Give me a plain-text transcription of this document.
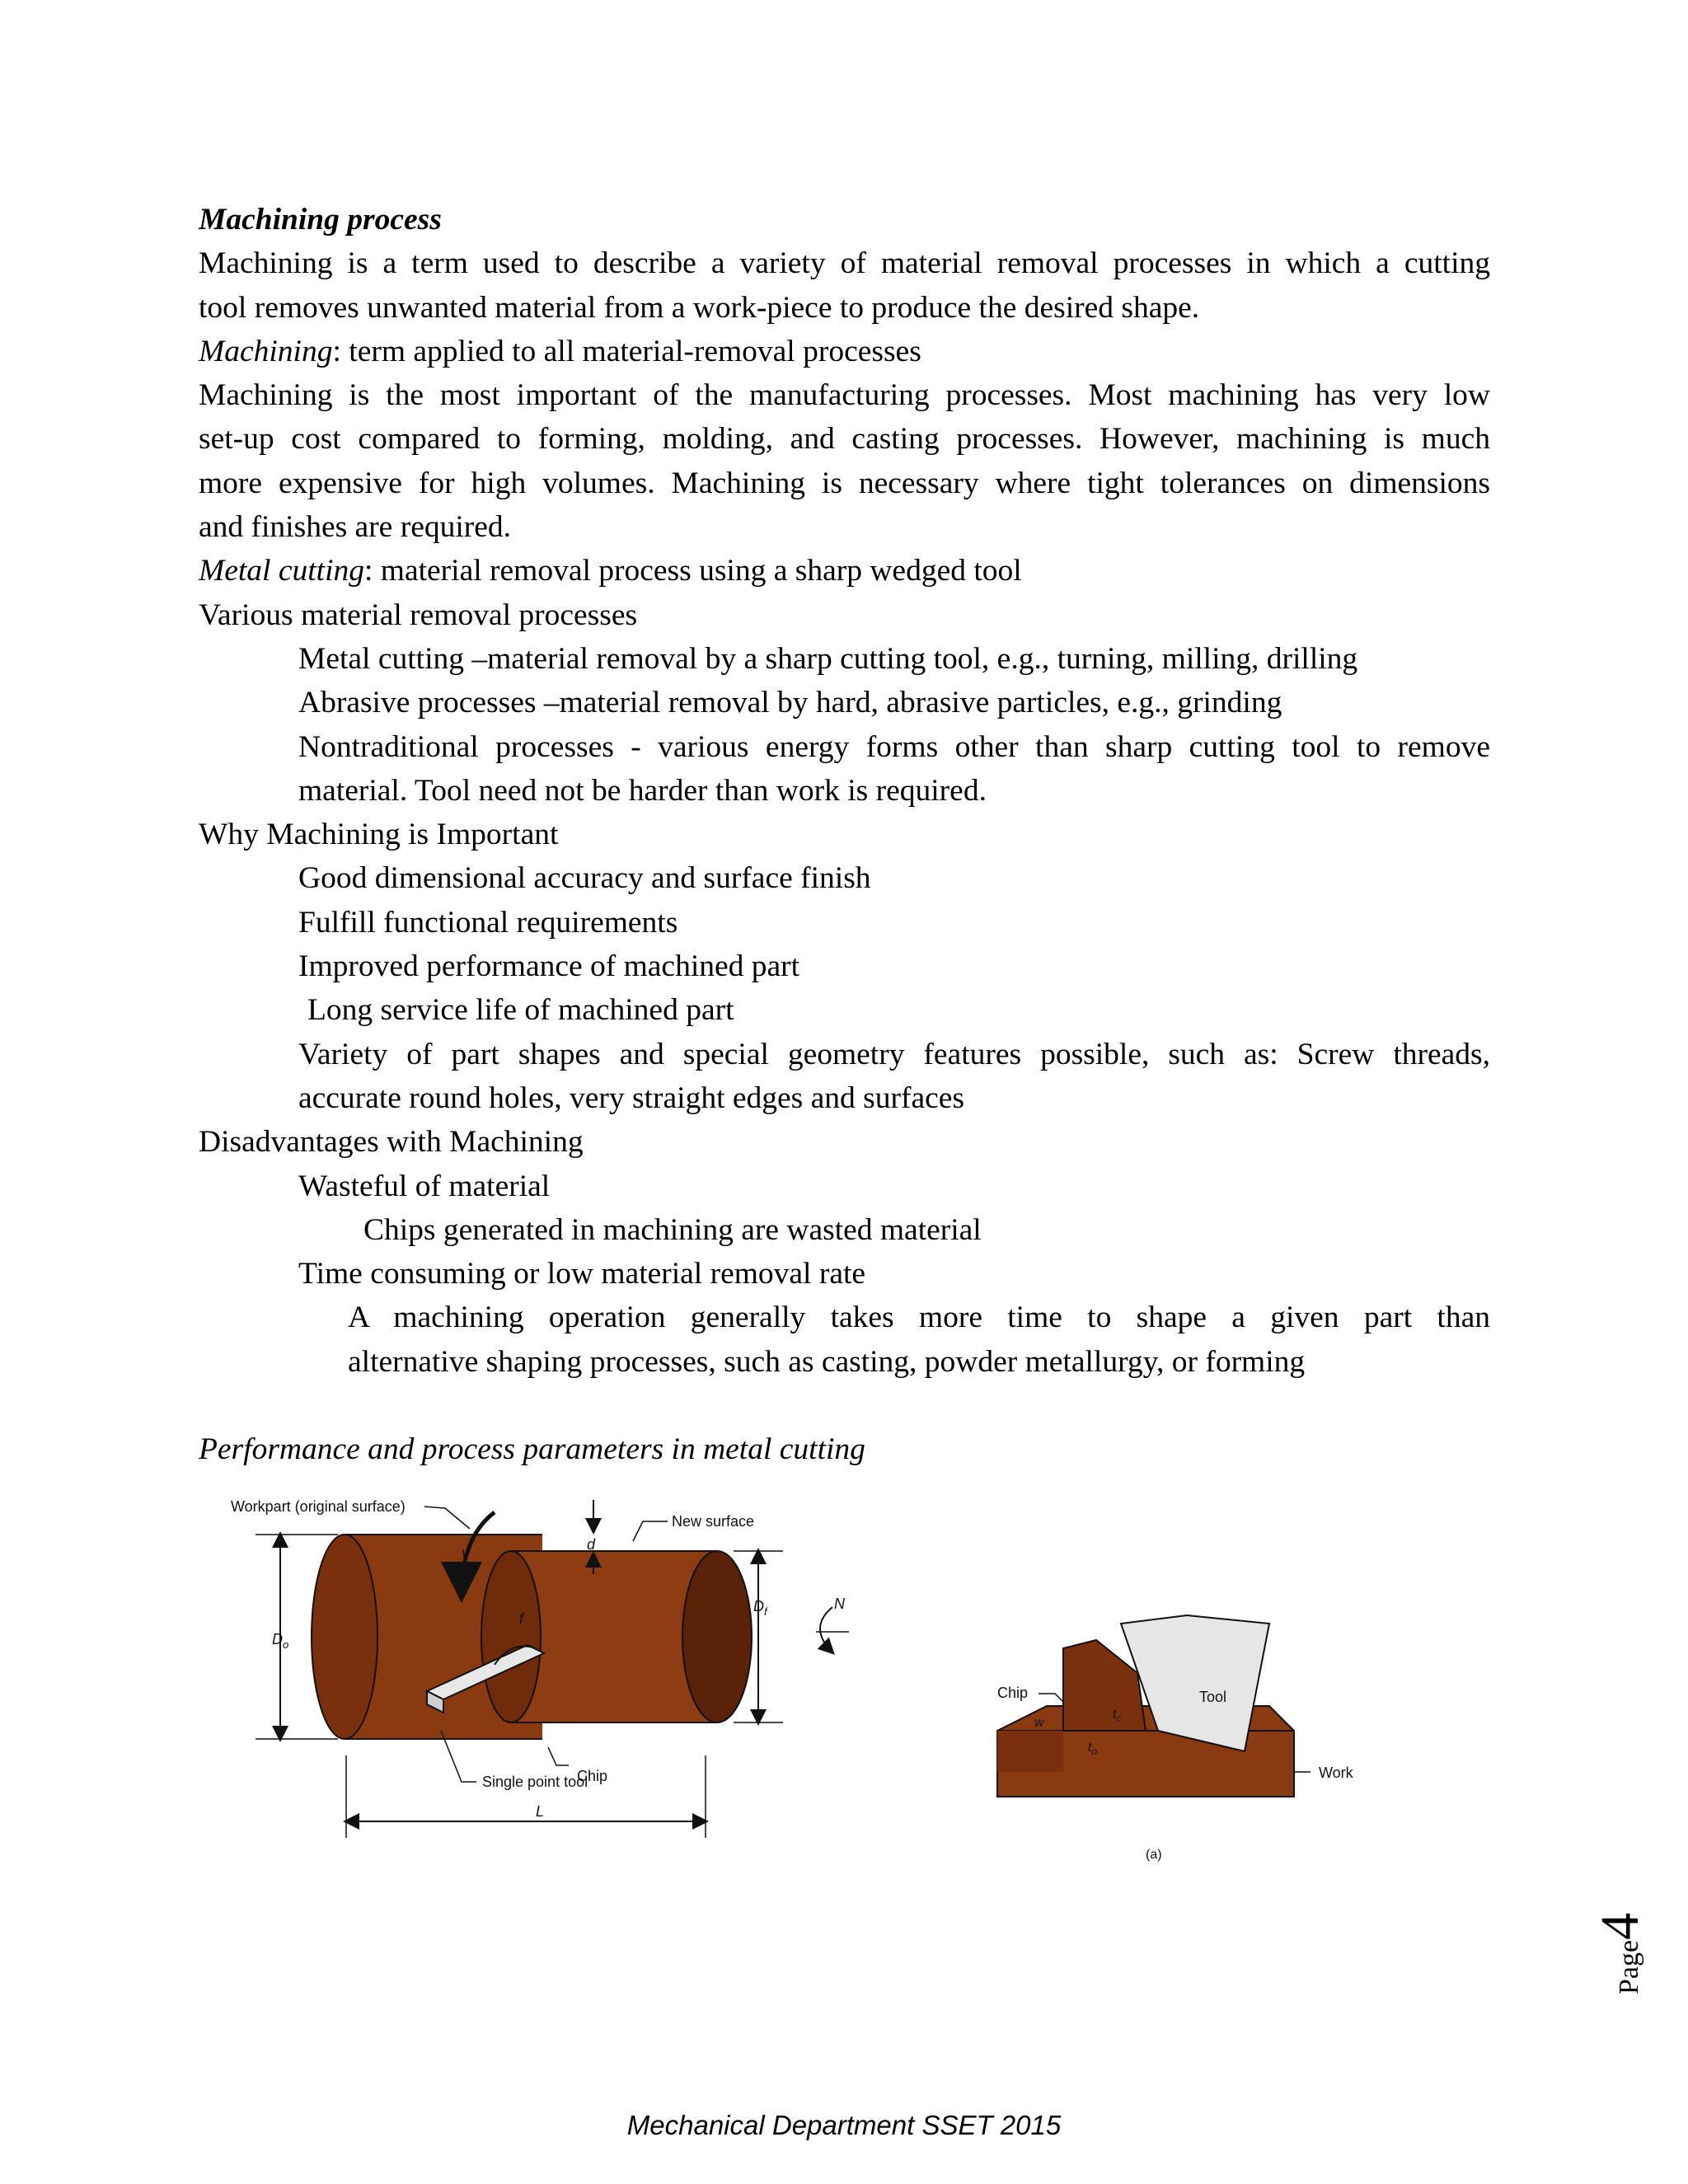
Machining process

Machining is a term used to describe a variety of material removal processes in which a cutting

tool removes unwanted material from a work-piece to produce the desired shape.

Machining: term applied to all material-removal processes

Machining is the most important of the manufacturing processes. Most machining has very low

set-up cost compared to forming, molding, and casting processes. However, machining is much

more expensive for high volumes. Machining is necessary where tight tolerances on dimensions

and finishes are required.

Metal cutting: material removal process using a sharp wedged tool

Various material removal processes

Metal cutting –material removal by a sharp cutting tool, e.g., turning, milling, drilling

Abrasive processes –material removal by hard, abrasive particles, e.g., grinding

Nontraditional processes - various energy forms other than sharp cutting tool to remove

material. Tool need not be harder than work is required.

Why Machining is Important

Good dimensional accuracy and surface finish

Fulfill functional requirements

Improved performance of machined part

Long service life of machined part

Variety of part shapes and special geometry features possible, such as: Screw threads,

accurate round holes, very straight edges and surfaces

Disadvantages with Machining

Wasteful of material

Chips generated in machining are wasted material

Time consuming or low material removal rate

A machining operation generally takes more time to shape a given part than

alternative shaping processes, such as casting, powder metallurgy, or forming

Performance and process parameters in metal cutting

Workpart (original surface)
New surface
Chip
Single point tool
v	d
f
$D_o$
$D_f$	N
L
Chip	Tool
Work
w
$t_c$
$t_o$
(a)
Page4
Mechanical Department SSET 2015
